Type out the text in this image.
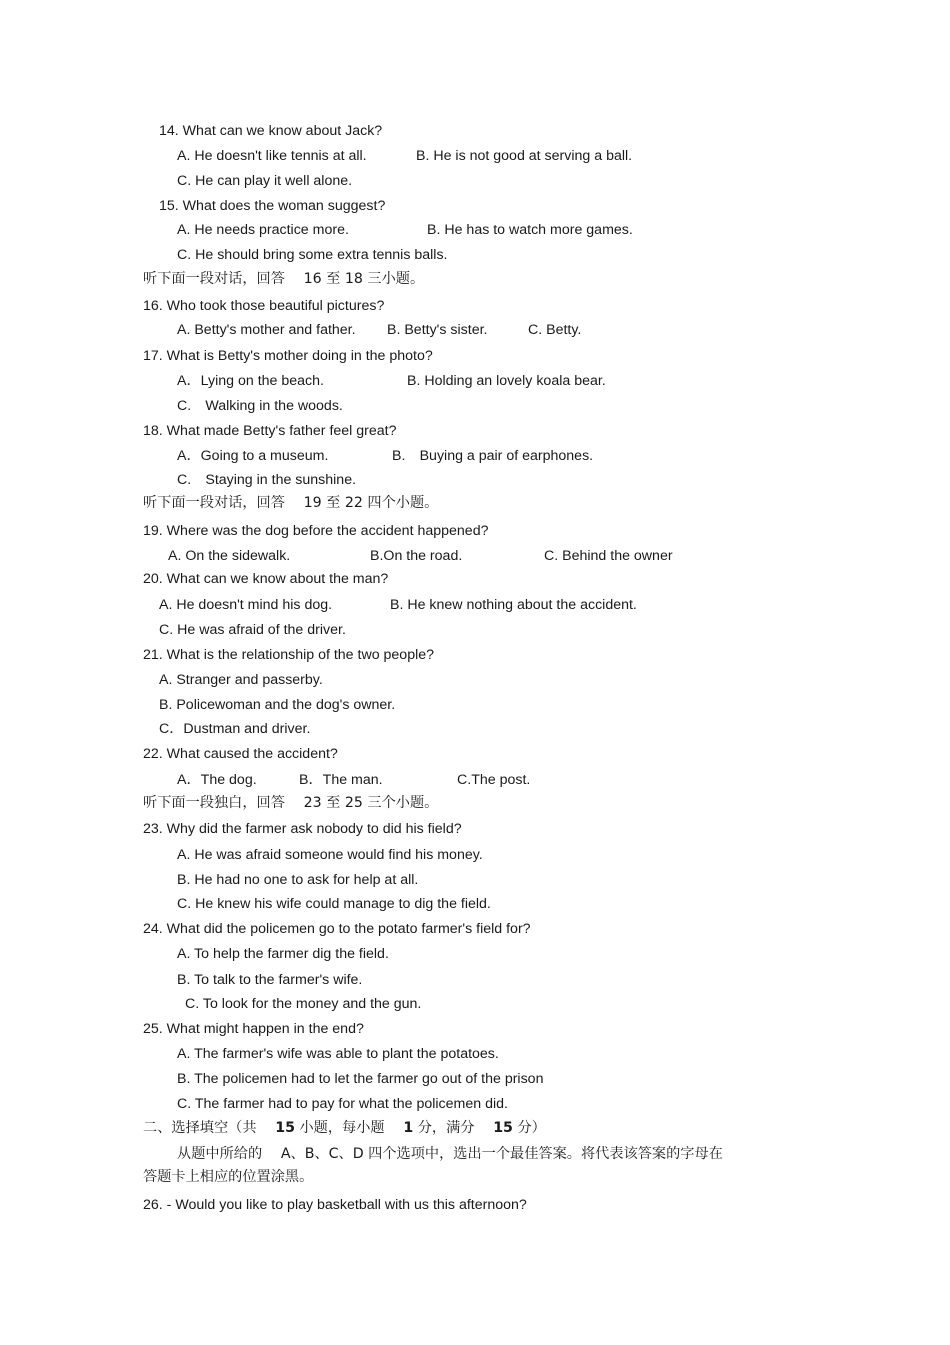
14. What can we know about Jack?
A. He doesn't like tennis at all.	B. He is not good at serving a ball.
C. He can play it well alone.
15. What does the woman suggest?
A. He needs practice more.	B. He has to watch more games.
C. He should bring some extra tennis balls.
听下面一段对话，回答　 16 至 18 三小题。
16. Who took those beautiful pictures?
A. Betty's mother and father. B. Betty's sister.	C. Betty.
17. What is Betty's mother doing in the photo?
A．Lying on the beach.	B. Holding an lovely koala bear.
C.　Walking in the woods.
18. What made Betty's father feel great?
A．Going to a museum.	B.　Buying a pair of earphones.
C.　Staying in the sunshine.
听下面一段对话，回答　 19 至 22 四个小题。
19. Where was the dog before the accident happened?
A. On the sidewalk.	B.On the road.	C. Behind the owner
20. What can we know about the man?
A. He doesn't mind his dog.	B. He knew nothing about the accident.
C. He was afraid of the driver.
21. What is the relationship of the two people?
A. Stranger and passerby.
B. Policewoman and the dog's owner.
C．Dustman and driver.
22. What caused the accident?
A．The dog.	B．The man.	C.The post.
听下面一段独白，回答　 23 至 25 三个小题。
23. Why did the farmer ask nobody to did his field?
A. He was afraid someone would find his money.
B. He had no one to ask for help at all.
C. He knew his wife could manage to dig the field.
24. What did the policemen go to the potato farmer's field for?
A. To help the farmer dig the field.
B. To talk to the farmer's wife.
C. To look for the money and the gun.
25. What might happen in the end?
A. The farmer's wife was able to plant the potatoes.
B. The policemen had to let the farmer go out of the prison
C. The farmer had to pay for what the policemen did.
二、选择填空（共　 15 小题，每小题　 1 分，满分　 15 分）
从题中所给的　 A、B、C、D 四个选项中，选出一个最佳答案。将代表该答案的字母在
答题卡上相应的位置涂黑。
26. - Would you like to play basketball with us this afternoon?
